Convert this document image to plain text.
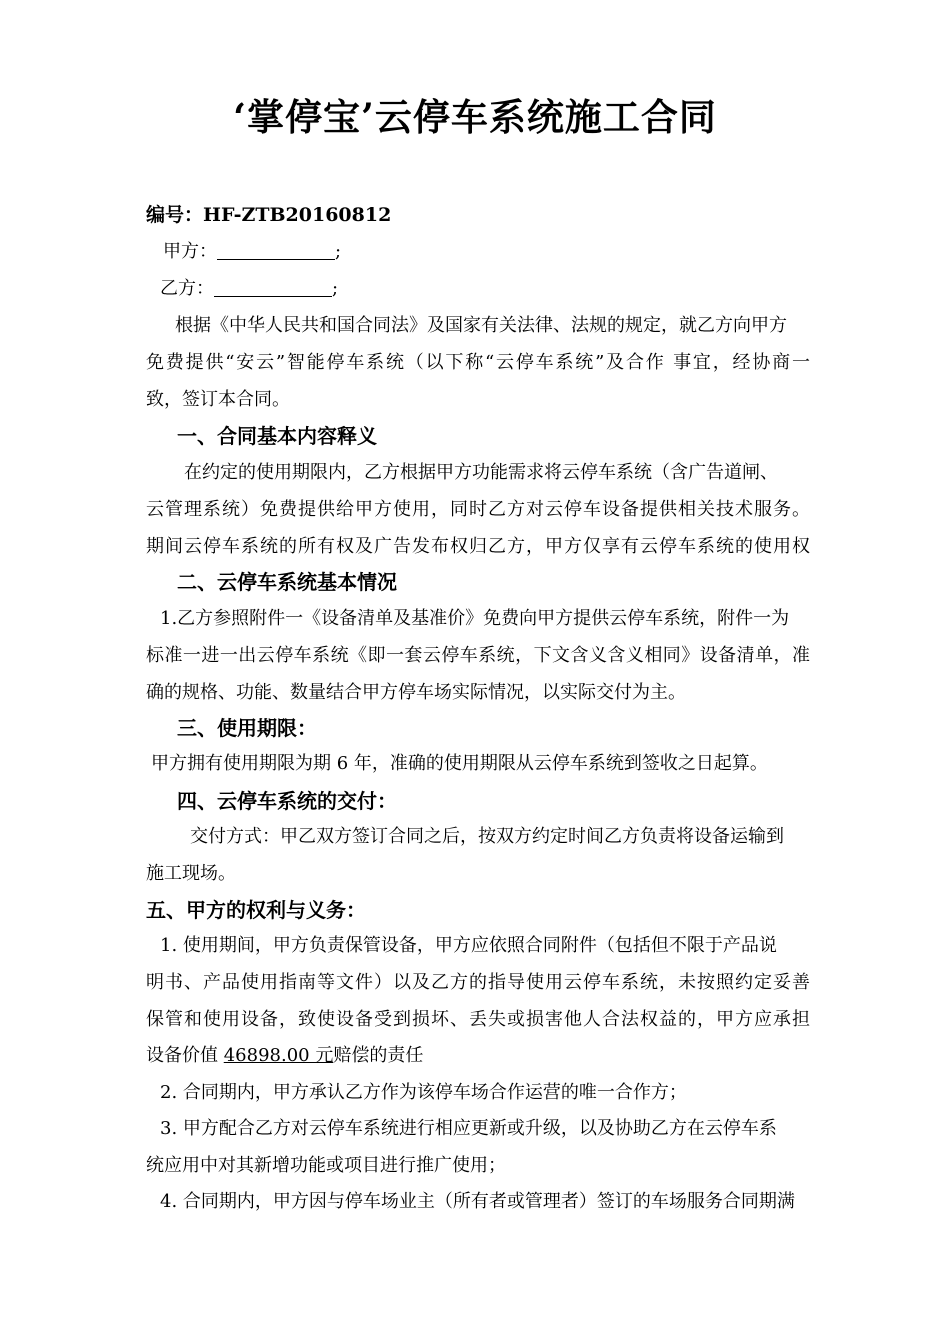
‘掌停宝’云停车系统施工合同
编号：HF-ZTB20160812
甲方：	;
乙方：	;
根据《中华人民共和国合同法》及国家有关法律、法规的规定，就乙方向甲方
免费提供“安云”智能停车系统（以下称“云停车系统”及合作 事宜，经协商一
致，签订本合同。
一、合同基本内容释义
在约定的使用期限内，乙方根据甲方功能需求将云停车系统（含广告道闸、
云管理系统）免费提供给甲方使用，同时乙方对云停车设备提供相关技术服务。
期间云停车系统的所有权及广告发布权归乙方，甲方仅享有云停车系统的使用权
二、云停车系统基本情况
1.乙方参照附件一《设备清单及基准价》免费向甲方提供云停车系统，附件一为
标准一进一出云停车系统《即一套云停车系统，下文含义含义相同》设备清单，准
确的规格、功能、数量结合甲方停车场实际情况，以实际交付为主。
三、使用期限：
甲方拥有使用期限为期 6 年，准确的使用期限从云停车系统到签收之日起算。
四、云停车系统的交付：
交付方式：甲乙双方签订合同之后，按双方约定时间乙方负责将设备运输到
施工现场。
五、甲方的权利与义务：
1. 使用期间，甲方负责保管设备，甲方应依照合同附件（包括但不限于产品说
明书、产品使用指南等文件）以及乙方的指导使用云停车系统，未按照约定妥善
保管和使用设备，致使设备受到损坏、丢失或损害他人合法权益的，甲方应承担
设备价值 46898.00 元赔偿的责任
2. 合同期内，甲方承认乙方作为该停车场合作运营的唯一合作方；
3. 甲方配合乙方对云停车系统进行相应更新或升级，以及协助乙方在云停车系
统应用中对其新增功能或项目进行推广使用；
4. 合同期内，甲方因与停车场业主（所有者或管理者）签订的车场服务合同期满
